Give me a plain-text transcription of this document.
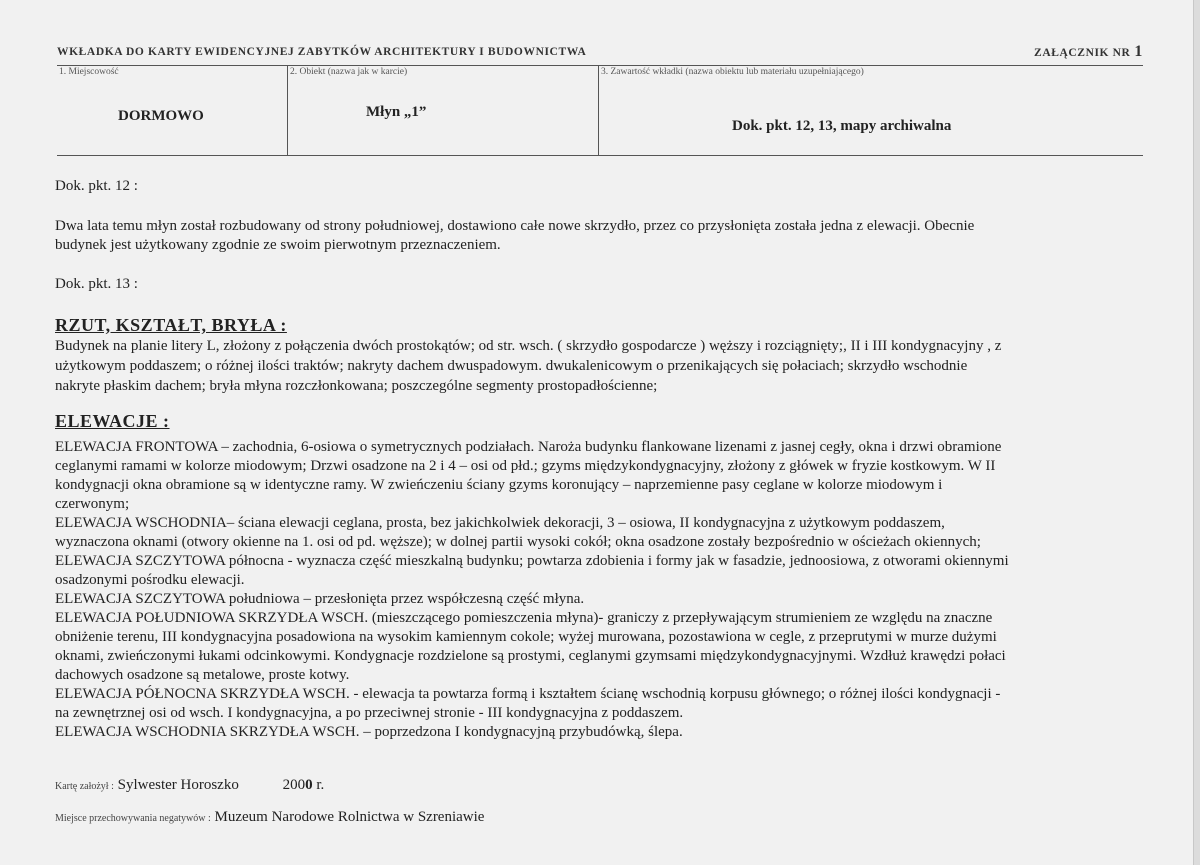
WKŁADKA DO KARTY EWIDENCYJNEJ ZABYTKÓW ARCHITEKTURY I BUDOWNICTWA	ZAŁĄCZNIK NR 1
1. Miejscowość
DORMOWO
2. Obiekt (nazwa jak w karcie)
Młyn „1”
3. Zawartość wkładki (nazwa obiektu lub materiału uzupełniającego)
Dok. pkt. 12, 13, mapy archiwalna
Dok. pkt. 12 :
Dwa lata temu młyn został rozbudowany od strony południowej, dostawiono całe nowe skrzydło, przez co przysłonięta została jedna z elewacji. Obecnie
budynek jest użytkowany zgodnie ze swoim pierwotnym przeznaczeniem.
Dok. pkt. 13 :
RZUT, KSZTAŁT, BRYŁA :
Budynek na planie litery L, złożony z połączenia dwóch prostokątów; od str. wsch. ( skrzydło gospodarcze ) węższy i rozciągnięty;, II i III kondygnacyjny , z
użytkowym poddaszem; o różnej ilości traktów; nakryty dachem dwuspadowym. dwukalenicowym o przenikających się połaciach; skrzydło wschodnie
nakryte płaskim dachem; bryła młyna rozczłonkowana; poszczególne segmenty prostopadłościenne;
ELEWACJE :
ELEWACJA FRONTOWA – zachodnia, 6-osiowa o symetrycznych podziałach. Naroża budynku flankowane lizenami z jasnej cegły, okna i drzwi obramione
ceglanymi ramami w kolorze miodowym; Drzwi osadzone na 2 i 4 – osi od płd.; gzyms międzykondygnacyjny, złożony z główek w fryzie kostkowym. W II
kondygnacji okna obramione są w identyczne ramy. W zwieńczeniu ściany gzyms koronujący – naprzemienne pasy ceglane w kolorze miodowym i
czerwonym;
ELEWACJA WSCHODNIA– ściana elewacji ceglana, prosta, bez jakichkolwiek dekoracji, 3 – osiowa, II kondygnacyjna z użytkowym poddaszem,
wyznaczona oknami (otwory okienne na 1. osi od pd. węższe); w dolnej partii wysoki cokół; okna osadzone zostały bezpośrednio w ościeżach okiennych;
ELEWACJA SZCZYTOWA północna - wyznacza część mieszkalną budynku; powtarza zdobienia i formy jak w fasadzie, jednoosiowa, z otworami okiennymi
osadzonymi pośrodku elewacji.
ELEWACJA SZCZYTOWA południowa – przesłonięta przez współczesną część młyna.
ELEWACJA POŁUDNIOWA SKRZYDŁA WSCH. (mieszczącego pomieszczenia młyna)- graniczy z przepływającym strumieniem ze względu na znaczne
obniżenie terenu, III kondygnacyjna posadowiona na wysokim kamiennym cokole; wyżej murowana, pozostawiona w cegle, z przeprutymi w murze dużymi
oknami, zwieńczonymi łukami odcinkowymi. Kondygnacje rozdzielone są prostymi, ceglanymi gzymsami międzykondygnacyjnymi. Wzdłuż krawędzi połaci
dachowych osadzone są metalowe, proste kotwy.
ELEWACJA PÓŁNOCNA SKRZYDŁA WSCH. - elewacja ta powtarza formą i kształtem ścianę wschodnią korpusu głównego; o różnej ilości kondygnacji -
na zewnętrznej osi od wsch. I kondygnacyjna, a po przeciwnej stronie - III kondygnacyjna z poddaszem.
ELEWACJA WSCHODNIA SKRZYDŁA WSCH. – poprzedzona I kondygnacyjną przybudówką, ślepa.
Kartę założył : Sylwester Horoszko	2000 r.
Miejsce przechowywania negatywów : Muzeum Narodowe Rolnictwa w Szreniawie
